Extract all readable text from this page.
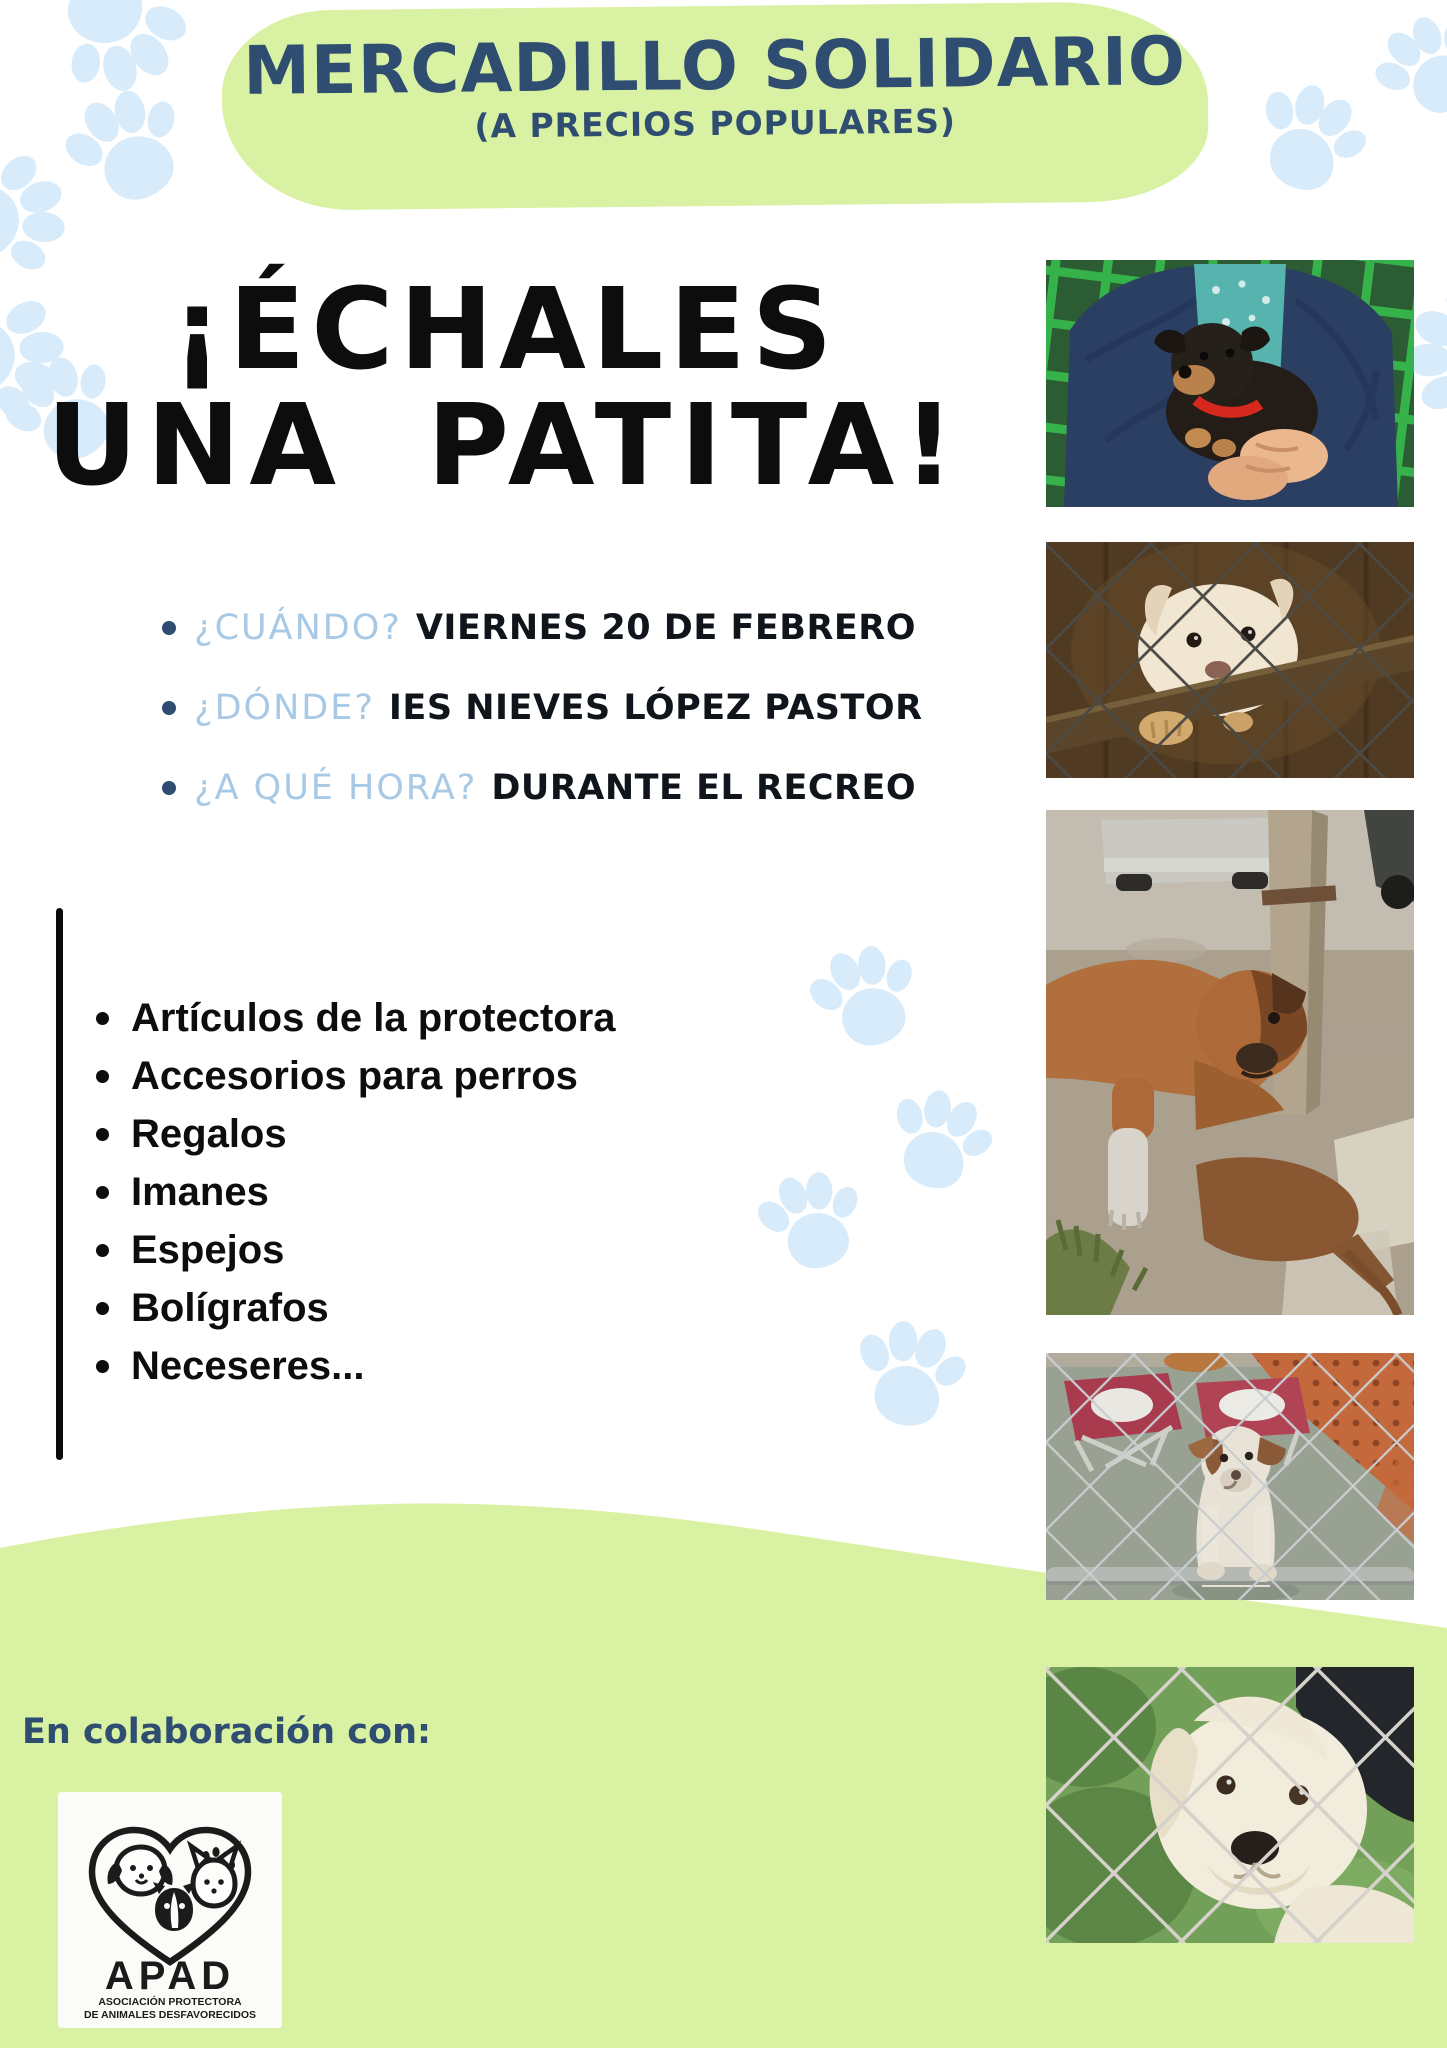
MERCADILLO SOLIDARIO
(A PRECIOS POPULARES)
¡ÉCHALES
UNA PATITA!
¿CUÁNDO? VIERNES 20 DE FEBRERO
¿DÓNDE? IES NIEVES LÓPEZ PASTOR
¿A QUÉ HORA? DURANTE EL RECREO
Artículos de la protectora
Accesorios para perros
Regalos
Imanes
Espejos
Bolígrafos
Neceseres...
En colaboración con:
APAD
ASOCIACIÓN PROTECTORA
DE ANIMALES DESFAVORECIDOS
